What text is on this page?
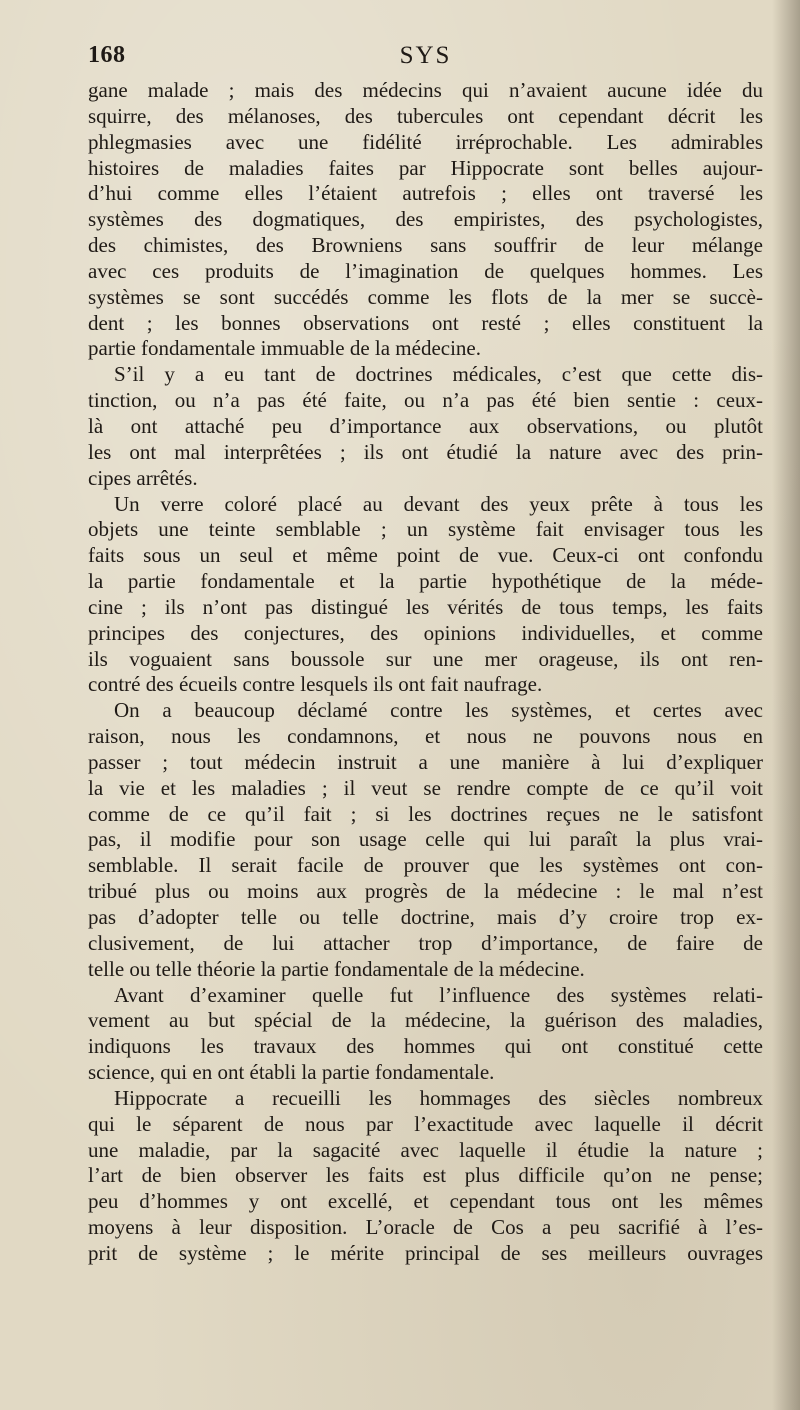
SYS
168
gane malade ; mais des médecins qui n’avaient aucune idée du
squirre, des mélanoses, des tubercules ont cependant décrit les
phlegmasies avec une fidélité irréprochable. Les admirables
histoires de maladies faites par Hippocrate sont belles aujour-
d’hui comme elles l’étaient autrefois ; elles ont traversé les
systèmes des dogmatiques, des empiristes, des psychologistes,
des chimistes, des Browniens sans souffrir de leur mélange
avec ces produits de l’imagination de quelques hommes. Les
systèmes se sont succédés comme les flots de la mer se succè-
dent ; les bonnes observations ont resté ; elles constituent la
partie fondamentale immuable de la médecine.
S’il y a eu tant de doctrines médicales, c’est que cette dis-
tinction, ou n’a pas été faite, ou n’a pas été bien sentie : ceux-
là ont attaché peu d’importance aux observations, ou plutôt
les ont mal interprêtées ; ils ont étudié la nature avec des prin-
cipes arrêtés.
Un verre coloré placé au devant des yeux prête à tous les
objets une teinte semblable ; un système fait envisager tous les
faits sous un seul et même point de vue. Ceux-ci ont confondu
la partie fondamentale et la partie hypothétique de la méde-
cine ; ils n’ont pas distingué les vérités de tous temps, les faits
principes des conjectures, des opinions individuelles, et comme
ils voguaient sans boussole sur une mer orageuse, ils ont ren-
contré des écueils contre lesquels ils ont fait naufrage.
On a beaucoup déclamé contre les systèmes, et certes avec
raison, nous les condamnons, et nous ne pouvons nous en
passer ; tout médecin instruit a une manière à lui d’expliquer
la vie et les maladies ; il veut se rendre compte de ce qu’il voit
comme de ce qu’il fait ; si les doctrines reçues ne le satisfont
pas, il modifie pour son usage celle qui lui paraît la plus vrai-
semblable. Il serait facile de prouver que les systèmes ont con-
tribué plus ou moins aux progrès de la médecine : le mal n’est
pas d’adopter telle ou telle doctrine, mais d’y croire trop ex-
clusivement, de lui attacher trop d’importance, de faire de
telle ou telle théorie la partie fondamentale de la médecine.
Avant d’examiner quelle fut l’influence des systèmes relati-
vement au but spécial de la médecine, la guérison des maladies,
indiquons les travaux des hommes qui ont constitué cette
science, qui en ont établi la partie fondamentale.
Hippocrate a recueilli les hommages des siècles nombreux
qui le séparent de nous par l’exactitude avec laquelle il décrit
une maladie, par la sagacité avec laquelle il étudie la nature ;
l’art de bien observer les faits est plus difficile qu’on ne pense;
peu d’hommes y ont excellé, et cependant tous ont les mêmes
moyens à leur disposition. L’oracle de Cos a peu sacrifié à l’es-
prit de système ; le mérite principal de ses meilleurs ouvrages
